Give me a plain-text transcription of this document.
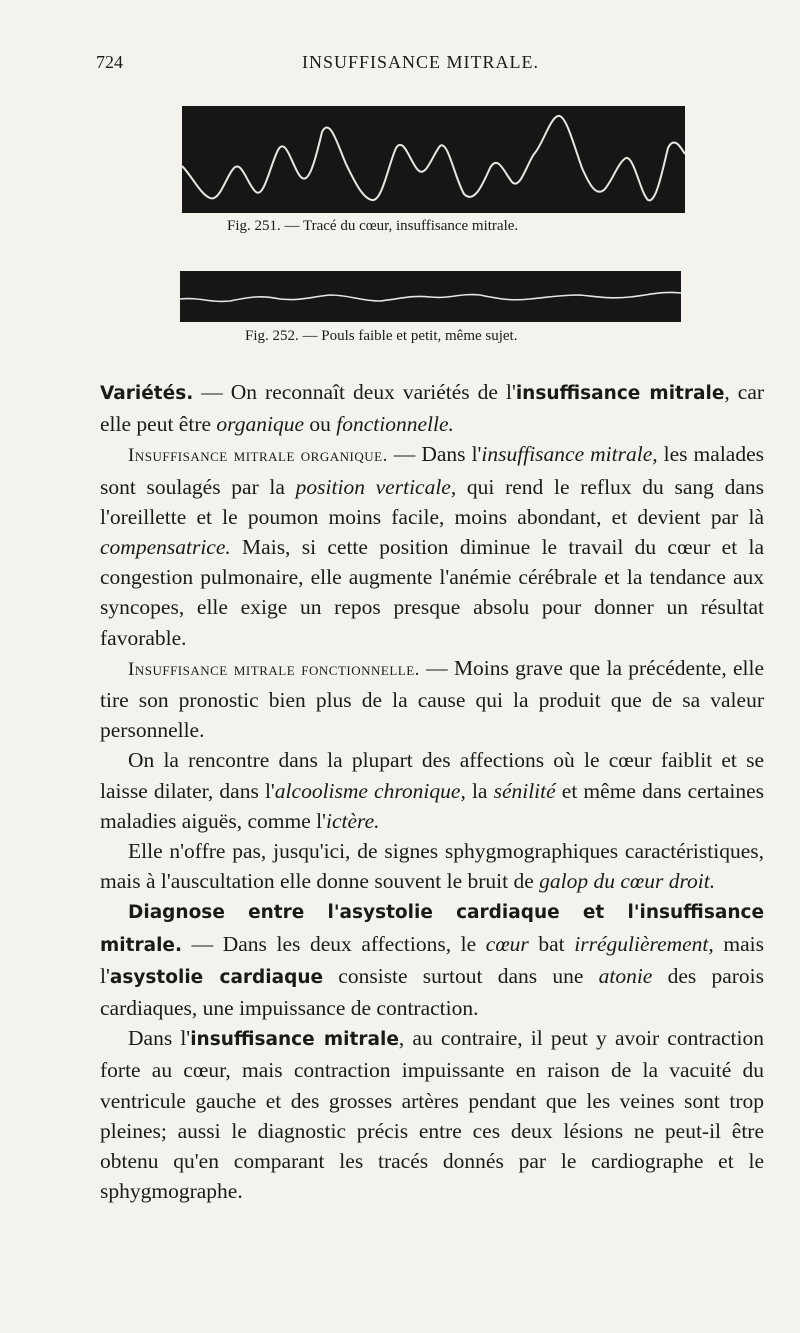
724	INSUFFISANCE MITRALE.
Fig. 251. — Tracé du cœur, insuffisance mitrale.
Fig. 252. — Pouls faible et petit, même sujet.

Variétés. — On reconnaît deux variétés de l'insuffisance mitrale, car elle peut être organique ou fonctionnelle.

Insuffisance mitrale organique. — Dans l'insuffisance mitrale, les malades sont soulagés par la position verticale, qui rend le reflux du sang dans l'oreillette et le poumon moins facile, moins abondant, et devient par là compensatrice. Mais, si cette position diminue le travail du cœur et la congestion pulmonaire, elle augmente l'anémie cérébrale et la tendance aux syncopes, elle exige un repos presque absolu pour donner un résultat favorable.

Insuffisance mitrale fonctionnelle. — Moins grave que la précédente, elle tire son pronostic bien plus de la cause qui la produit que de sa valeur personnelle.

On la rencontre dans la plupart des affections où le cœur faiblit et se laisse dilater, dans l'alcoolisme chronique, la sénilité et même dans certaines maladies aiguës, comme l'ictère.

Elle n'offre pas, jusqu'ici, de signes sphygmographiques caractéristiques, mais à l'auscultation elle donne souvent le bruit de galop du cœur droit.

Diagnose entre l'asystolie cardiaque et l'insuffisance mitrale. — Dans les deux affections, le cœur bat irrégulièrement, mais l'asystolie cardiaque consiste surtout dans une atonie des parois cardiaques, une impuissance de contraction.

Dans l'insuffisance mitrale, au contraire, il peut y avoir contraction forte au cœur, mais contraction impuissante en raison de la vacuité du ventricule gauche et des grosses artères pendant que les veines sont trop pleines; aussi le diagnostic précis entre ces deux lésions ne peut-il être obtenu qu'en comparant les tracés donnés par le cardiographe et le sphygmographe.
